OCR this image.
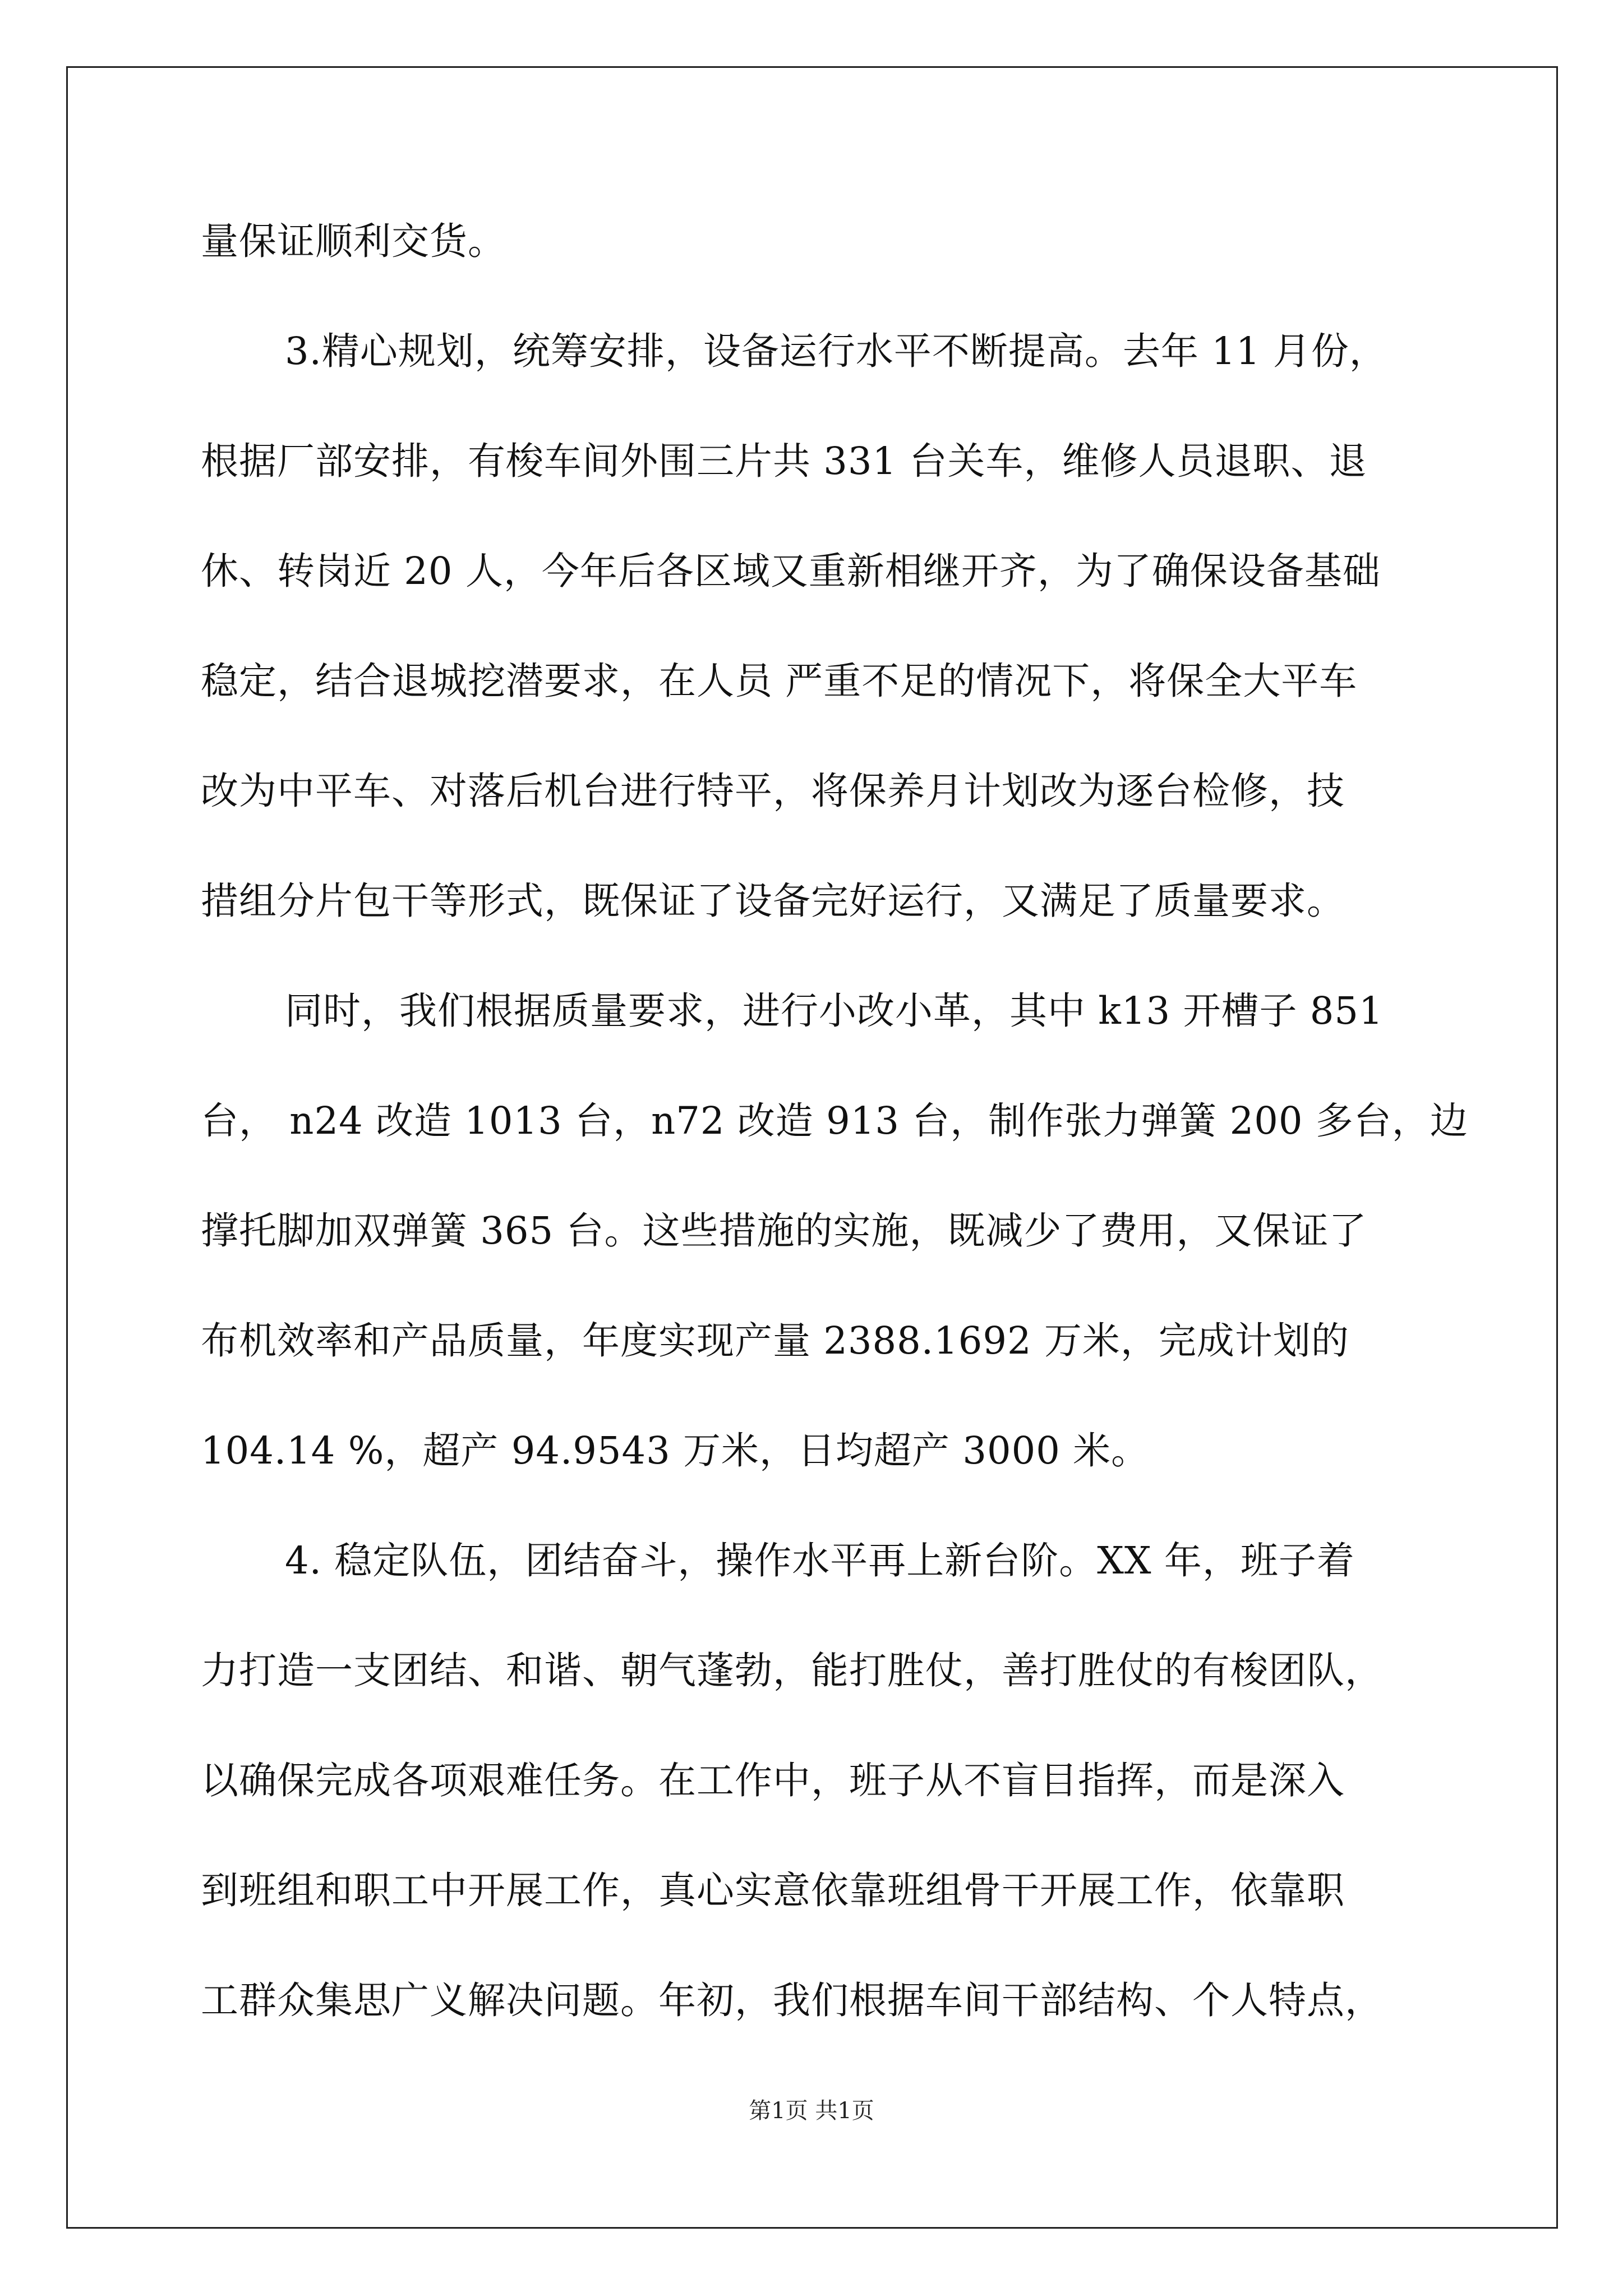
量保证顺利交货。
3.精心规划，统筹安排，设备运行水平不断提高。去年 11 月份，
根据厂部安排，有梭车间外围三片共 331 台关车，维修人员退职、退
休、转岗近 20 人，今年后各区域又重新相继开齐，为了确保设备基础
稳定，结合退城挖潜要求，在人员 严重不足的情况下，将保全大平车
改为中平车、对落后机台进行特平，将保养月计划改为逐台检修，技
措组分片包干等形式，既保证了设备完好运行，又满足了质量要求。
同时，我们根据质量要求，进行小改小革，其中 k13 开槽子 851
台， n24 改造 1013 台，n72 改造 913 台，制作张力弹簧 200 多台，边
撑托脚加双弹簧 365 台。这些措施的实施，既减少了费用，又保证了
布机效率和产品质量，年度实现产量 2388.1692 万米，完成计划的
104.14 %，超产 94.9543 万米，日均超产 3000 米。
4. 稳定队伍，团结奋斗，操作水平再上新台阶。XX 年，班子着
力打造一支团结、和谐、朝气蓬勃，能打胜仗，善打胜仗的有梭团队，
以确保完成各项艰难任务。在工作中，班子从不盲目指挥，而是深入
到班组和职工中开展工作，真心实意依靠班组骨干开展工作，依靠职
工群众集思广义解决问题。年初，我们根据车间干部结构、个人特点，
第1页 共1页
